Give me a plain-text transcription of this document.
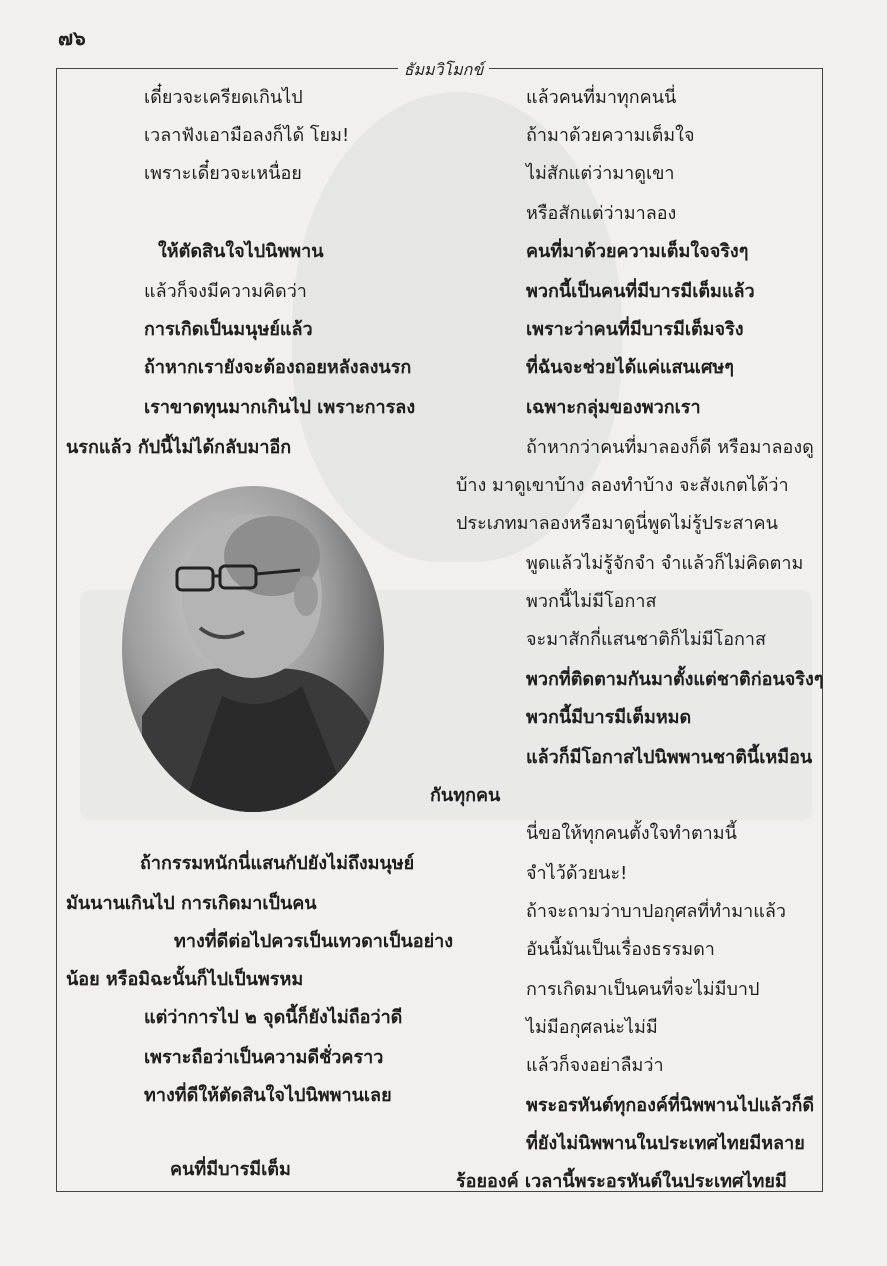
๗๖
ธัมมวิโมกข์
เดี๋ยวจะเครียดเกินไป
เวลาฟังเอามือลงก็ได้ โยม!
เพราะเดี๋ยวจะเหนื่อย
ให้ตัดสินใจไปนิพพาน
แล้วก็จงมีความคิดว่า
การเกิดเป็นมนุษย์แล้ว
ถ้าหากเรายังจะต้องถอยหลังลงนรก
เราขาดทุนมากเกินไป เพราะการลง
นรกแล้ว กัปนี้ไม่ได้กลับมาอีก
ถ้ากรรมหนักนี่แสนกัปยังไม่ถึงมนุษย์
มันนานเกินไป การเกิดมาเป็นคน
ทางที่ดีต่อไปควรเป็นเทวดาเป็นอย่าง
น้อย หรือมิฉะนั้นก็ไปเป็นพรหม
แต่ว่าการไป ๒ จุดนี้ก็ยังไม่ถือว่าดี
เพราะถือว่าเป็นความดีชั่วคราว
ทางที่ดีให้ตัดสินใจไปนิพพานเลย
คนที่มีบารมีเต็ม
แล้วคนที่มาทุกคนนี่
ถ้ามาด้วยความเต็มใจ
ไม่สักแต่ว่ามาดูเขา
หรือสักแต่ว่ามาลอง
คนที่มาด้วยความเต็มใจจริงๆ
พวกนี้เป็นคนที่มีบารมีเต็มแล้ว
เพราะว่าคนที่มีบารมีเต็มจริง
ที่ฉันจะช่วยได้แค่แสนเศษๆ
เฉพาะกลุ่มของพวกเรา
ถ้าหากว่าคนที่มาลองก็ดี หรือมาลองดู
บ้าง มาดูเขาบ้าง ลองทำบ้าง จะสังเกตได้ว่า
ประเภทมาลองหรือมาดูนี่พูดไม่รู้ประสาคน
พูดแล้วไม่รู้จักจำ จำแล้วก็ไม่คิดตาม
พวกนี้ไม่มีโอกาส
จะมาสักกี่แสนชาติก็ไม่มีโอกาส
พวกที่ติดตามกันมาตั้งแต่ชาติก่อนจริงๆ
พวกนี้มีบารมีเต็มหมด
แล้วก็มีโอกาสไปนิพพานชาตินี้เหมือน
กันทุกคน
นี่ขอให้ทุกคนตั้งใจทำตามนี้
จำไว้ด้วยนะ!
ถ้าจะถามว่าบาปอกุศลที่ทำมาแล้ว
อันนี้มันเป็นเรื่องธรรมดา
การเกิดมาเป็นคนที่จะไม่มีบาป
ไม่มีอกุศลน่ะไม่มี
แล้วก็จงอย่าลืมว่า
พระอรหันต์ทุกองค์ที่นิพพานไปแล้วก็ดี
ที่ยังไม่นิพพานในประเทศไทยมีหลาย
ร้อยองค์ เวลานี้พระอรหันต์ในประเทศไทยมี
